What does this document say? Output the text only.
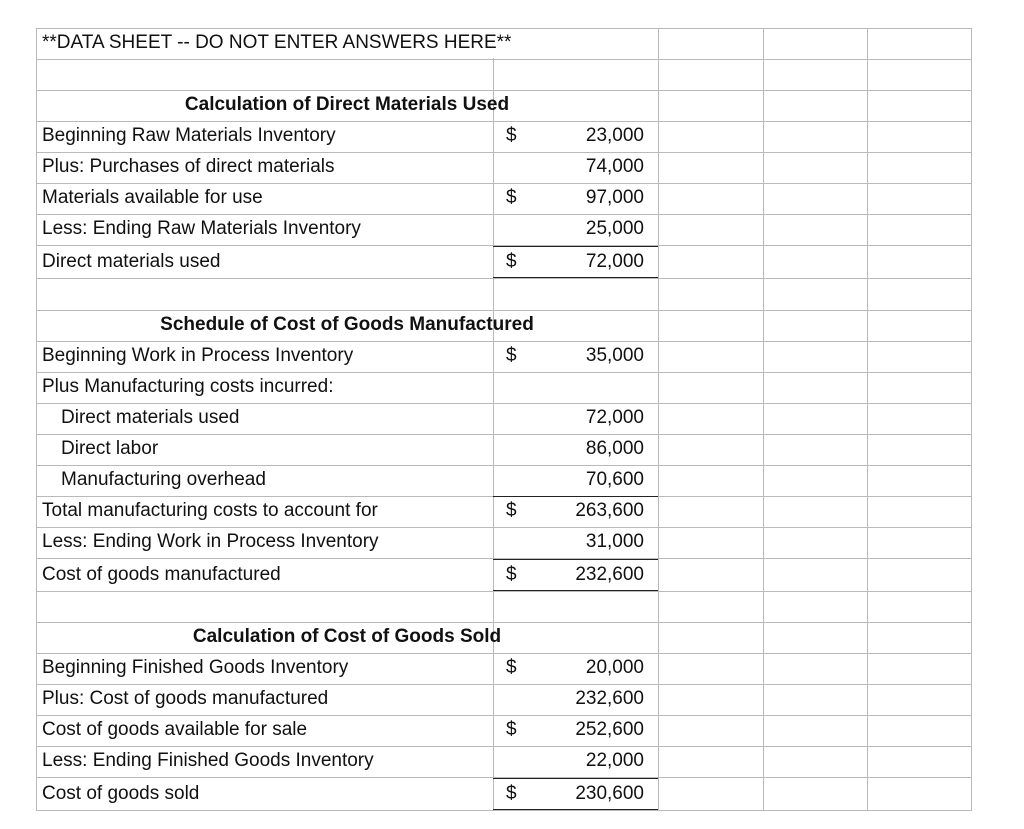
**DATA SHEET -- DO NOT ENTER ANSWERS HERE**
Calculation of Direct Materials Used
Beginning Raw Materials Inventory	$	23,000
Plus: Purchases of direct materials	74,000
Materials available for use	$	97,000
Less: Ending Raw Materials Inventory	25,000
Direct materials used	$	72,000
Schedule of Cost of Goods Manufactured
Beginning Work in Process Inventory	$	35,000
Plus Manufacturing costs incurred:
Direct materials used	72,000
Direct labor	86,000
Manufacturing overhead	70,600
Total manufacturing costs to account for	$	263,600
Less: Ending Work in Process Inventory	31,000
Cost of goods manufactured	$	232,600
Calculation of Cost of Goods Sold
Beginning Finished Goods Inventory	$	20,000
Plus: Cost of goods manufactured	232,600
Cost of goods available for sale	$	252,600
Less: Ending Finished Goods Inventory	22,000
Cost of goods sold	$	230,600
